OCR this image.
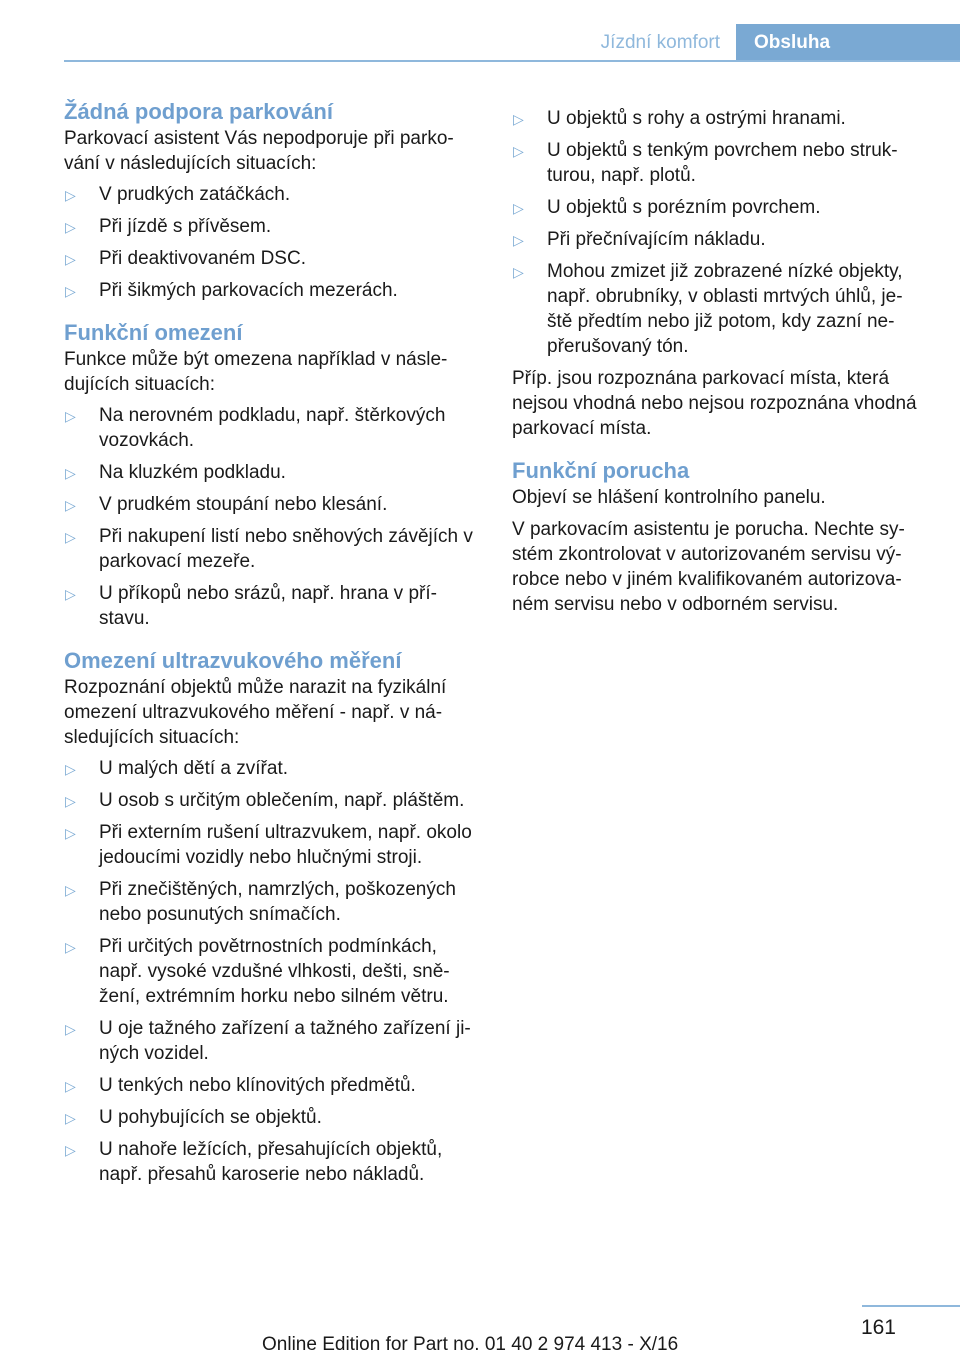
Jízdní komfort	Obsluha
Žádná podpora parkování

Parkovací asistent Vás nepodporuje při parko‐ vání v následujících situacích:

▷ V prudkých zatáčkách.
▷ Při jízdě s přívěsem.
▷ Při deaktivovaném DSC.
▷ Při šikmých parkovacích mezerách.
Funkční omezení

Funkce může být omezena například v násle‐ dujících situacích:

▷ Na nerovném podkladu, např. štěrkových vozovkách.
▷ Na kluzkém podkladu.
▷ V prudkém stoupání nebo klesání.
▷ Při nakupení listí nebo sněhových závějích v parkovací mezeře.
▷ U příkopů nebo srázů, např. hrana v pří‐ stavu.
Omezení ultrazvukového měření

Rozpoznání objektů může narazit na fyzikální omezení ultrazvukového měření - např. v ná‐ sledujících situacích:

▷ U malých dětí a zvířat.
▷ U osob s určitým oblečením, např. pláštěm.
▷ Při externím rušení ultrazvukem, např. okolo jedoucími vozidly nebo hlučnými stroji.
▷ Při znečištěných, namrzlých, poškozených nebo posunutých snímačích.
▷ Při určitých povětrnostních podmínkách, např. vysoké vzdušné vlhkosti, dešti, sně‐ žení, extrémním horku nebo silném větru.
▷ U oje tažného zařízení a tažného zařízení ji‐ ných vozidel.
▷ U tenkých nebo klínovitých předmětů.
▷ U pohybujících se objektů.
▷ U nahoře ležících, přesahujících objektů, např. přesahů karoserie nebo nákladů.
▷ U objektů s rohy a ostrými hranami.
▷ U objektů s tenkým povrchem nebo struk‐ turou, např. plotů.
▷ U objektů s porézním povrchem.
▷ Při přečnívajícím nákladu.
▷ Mohou zmizet již zobrazené nízké objekty, např. obrubníky, v oblasti mrtvých úhlů, je‐ ště předtím nebo již potom, kdy zazní ne‐ přerušovaný tón.

Příp. jsou rozpoznána parkovací místa, která nejsou vhodná nebo nejsou rozpoznána vhodná parkovací místa.

Funkční porucha

Objeví se hlášení kontrolního panelu.

V parkovacím asistentu je porucha. Nechte sy‐ stém zkontrolovat v autorizovaném servisu vý‐ robce nebo v jiném kvalifikovaném autorizova‐ ném servisu nebo v odborném servisu.

161
Online Edition for Part no. 01 40 2 974 413 - X/16
